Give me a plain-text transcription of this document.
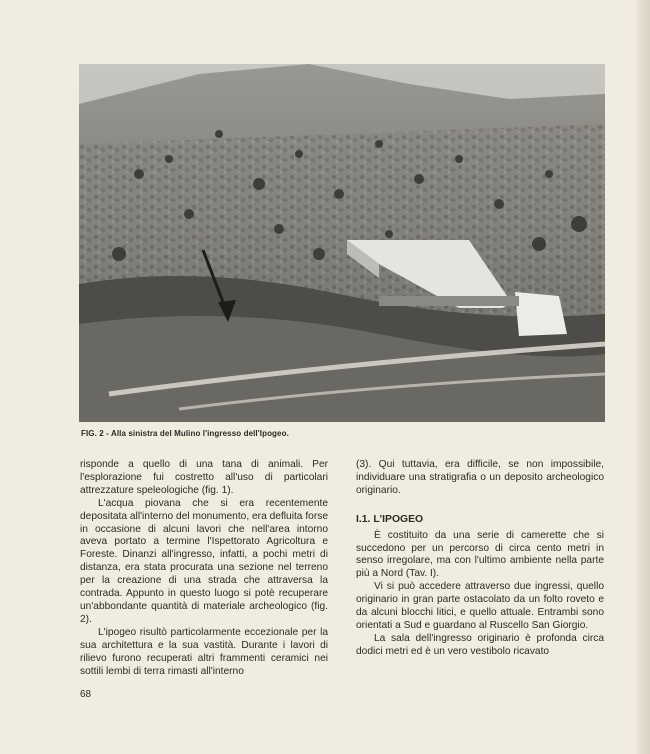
FIG. 2 - Alla sinistra del Mulino l'ingresso dell'Ipogeo.

risponde a quello di una tana di animali. Per l'esplorazione fui costretto all'uso di particolari attrezzature speleologiche (fig. 1).

L'acqua piovana che si era recentemente depositata all'interno del monumento, era defluita forse in occasione di alcuni lavori che nell'area intorno aveva portato a termine l'Ispettorato Agricoltura e Foreste. Dinanzi all'ingresso, infatti, a pochi metri di distanza, era stata procurata una sezione nel terreno per la creazione di una strada che attraversa la contrada. Appunto in questo luogo si potè recuperare un'abbondante quantità di materiale archeologico (fig. 2).

L'ipogeo risultò particolarmente eccezionale per la sua architettura e la sua vastità. Durante i lavori di rilievo furono recuperati altri frammenti ceramici nei sottili lembi di terra rimasti all'interno

(3). Qui tuttavia, era difficile, se non impossibile, individuare una stratigrafia o un deposito archeologico originario.

I.1. L'IPOGEO

È costituito da una serie di camerette che si succedono per un percorso di circa cento metri in senso irregolare, ma con l'ultimo ambiente nella parte più a Nord (Tav. I).

Vi si può accedere attraverso due ingressi, quello originario in gran parte ostacolato da un folto roveto e da alcuni blocchi litici, e quello attuale. Entrambi sono orientati a Sud e guardano al Ruscello San Giorgio.

La sala dell'ingresso originario è profonda circa dodici metri ed è un vero vestibolo ricavato

68
